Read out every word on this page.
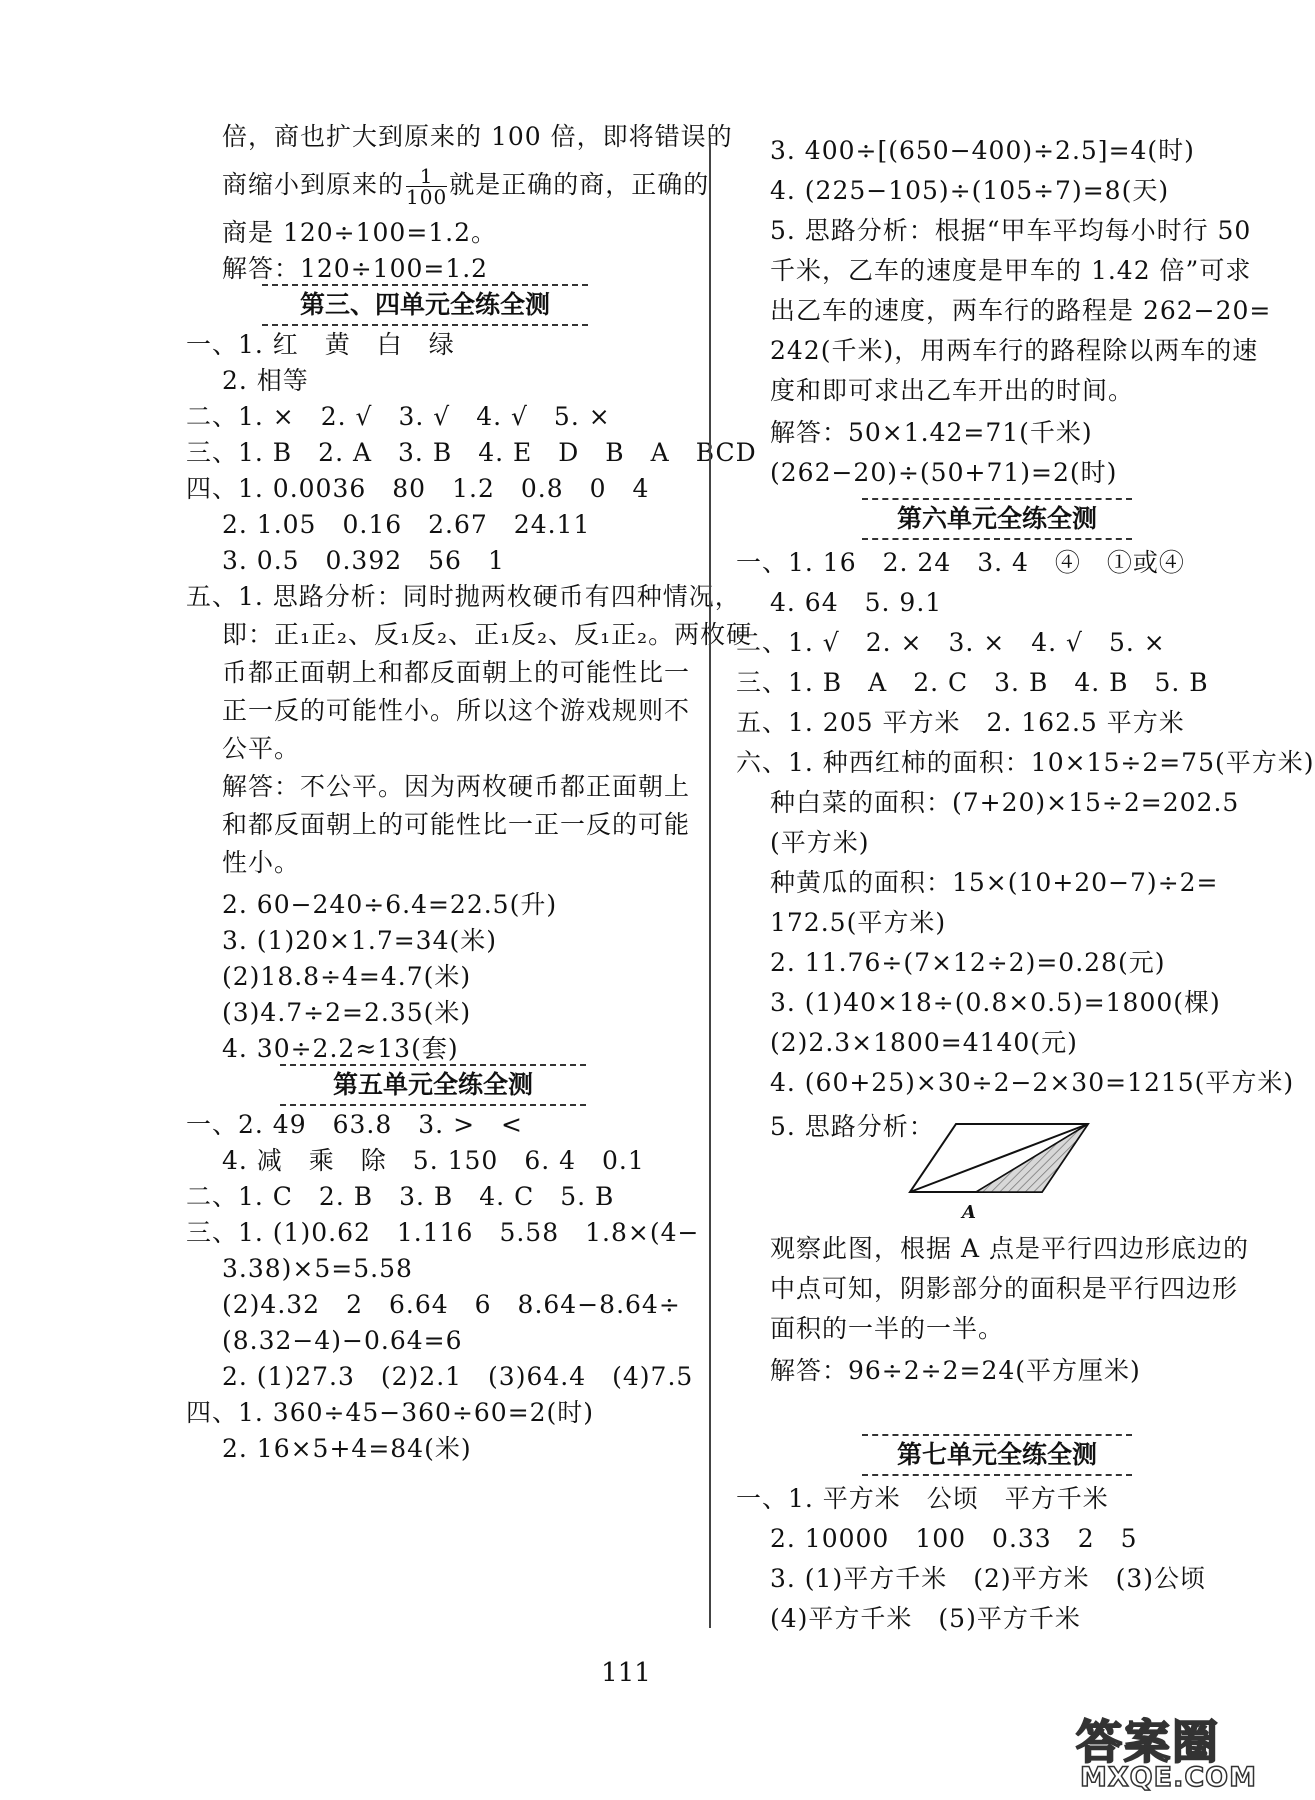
倍，商也扩大到原来的 100 倍，即将错误的
商缩小到原来的 $\frac{1}{100}$ 就是正确的商，正确的
商是 120÷100=1.2。
解答：120÷100=1.2
第三、四单元全练全测
一、1. 红　黄　白　绿
2. 相等
二、1. ×　2. √　3. √　4. √　5. ×
三、1. B　2. A　3. B　4. E　D　B　A　BCD
四、1. 0.0036　80　1.2　0.8　0　4
2. 1.05　0.16　2.67　24.11
3. 0.5　0.392　56　1
五、1. 思路分析：同时抛两枚硬币有四种情况，
即：正₁正₂、反₁反₂、正₁反₂、反₁正₂。两枚硬
币都正面朝上和都反面朝上的可能性比一
正一反的可能性小。所以这个游戏规则不
公平。
解答：不公平。因为两枚硬币都正面朝上
和都反面朝上的可能性比一正一反的可能
性小。
2. 60−240÷6.4=22.5(升)
3. (1)20×1.7=34(米)
(2)18.8÷4=4.7(米)
(3)4.7÷2=2.35(米)
4. 30÷2.2≈13(套)
第五单元全练全测
一、2. 49　63.8　3. >　<
4. 减　乘　除　5. 150　6. 4　0.1
二、1. C　2. B　3. B　4. C　5. B
三、1. (1)0.62　1.116　5.58　1.8×(4−
3.38)×5=5.58
(2)4.32　2　6.64　6　8.64−8.64÷
(8.32−4)−0.64=6
2. (1)27.3　(2)2.1　(3)64.4　(4)7.5
四、1. 360÷45−360÷60=2(时)
2. 16×5+4=84(米)
3. 400÷[(650−400)÷2.5]=4(时)
4. (225−105)÷(105÷7)=8(天)
5. 思路分析：根据“甲车平均每小时行 50
千米，乙车的速度是甲车的 1.42 倍”可求
出乙车的速度，两车行的路程是 262−20=
242(千米)，用两车行的路程除以两车的速
度和即可求出乙车开出的时间。
解答：50×1.42=71(千米)
(262−20)÷(50+71)=2(时)
第六单元全练全测
一、1. 16　2. 24　3. 4　④　①或④
4. 64　5. 9.1
二、1. √　2. ×　3. ×　4. √　5. ×
三、1. B　A　2. C　3. B　4. B　5. B
五、1. 205 平方米　2. 162.5 平方米
六、1. 种西红柿的面积：10×15÷2=75(平方米)
种白菜的面积：(7+20)×15÷2=202.5
(平方米)
种黄瓜的面积：15×(10+20−7)÷2=
172.5(平方米)
2. 11.76÷(7×12÷2)=0.28(元)
3. (1)40×18÷(0.8×0.5)=1800(棵)
(2)2.3×1800=4140(元)
4. (60+25)×30÷2−2×30=1215(平方米)
5. 思路分析：
A
观察此图，根据 A 点是平行四边形底边的
中点可知，阴影部分的面积是平行四边形
面积的一半的一半。
解答：96÷2÷2=24(平方厘米)
第七单元全练全测
一、1. 平方米　公顷　平方千米
2. 10000　100　0.33　2　5
3. (1)平方千米　(2)平方米　(3)公顷
(4)平方千米　(5)平方千米
111
答案圈
MXQE.COM
